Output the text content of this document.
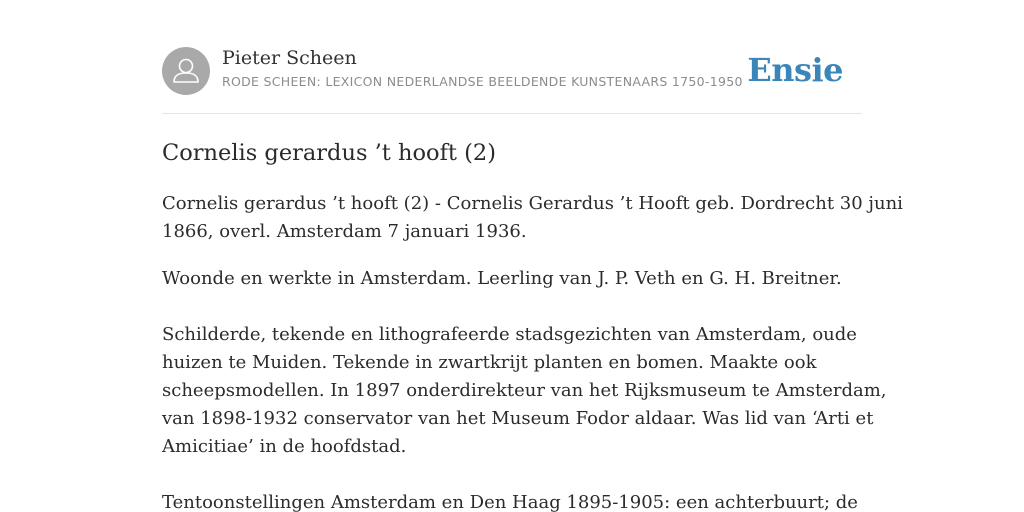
Pieter Scheen
RODE SCHEEN: LEXICON NEDERLANDSE BEELDENDE KUNSTENAARS 1750-1950 Ensie
Cornelis gerardus ’t hooft (2)

Cornelis gerardus ’t hooft (2) - Cornelis Gerardus ’t Hooft geb. Dordrecht 30 juni
1866, overl. Amsterdam 7 januari 1936.

Woonde en werkte in Amsterdam. Leerling van J. P. Veth en G. H. Breitner.

Schilderde, tekende en lithografeerde stadsgezichten van Amsterdam, oude
huizen te Muiden. Tekende in zwartkrijt planten en bomen. Maakte ook
scheepsmodellen. In 1897 onderdirekteur van het Rijksmuseum te Amsterdam,
van 1898-1932 conservator van het Museum Fodor aldaar. Was lid van ‘Arti et
Amicitiae’ in de hoofdstad.

Tentoonstellingen Amsterdam en Den Haag 1895-1905: een achterbuurt; de
